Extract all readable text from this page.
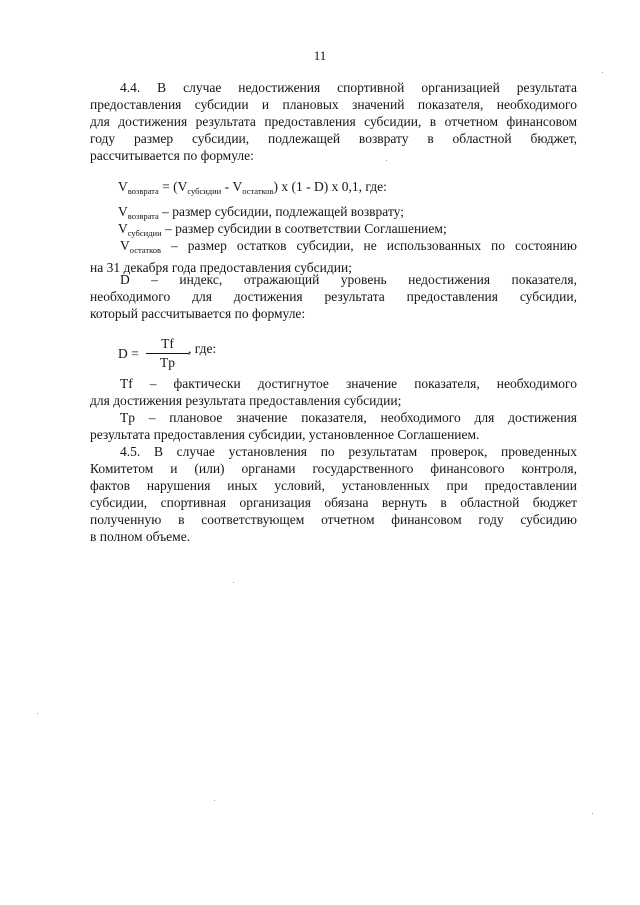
11
4.4. В случае недостижения спортивной организацией результата
предоставления субсидии и плановых значений показателя, необходимого
для достижения результата предоставления субсидии, в отчетном финансовом
году размер субсидии, подлежащей возврату в областной бюджет,
рассчитывается по формуле:
$V_{возврата} = (V_{субсидии} - V_{остатков})$ x (1 - D) x 0,1, где:
$V_{возврата}$ – размер субсидии, подлежащей возврату;
$V_{субсидии}$ – размер субсидии в соответствии Соглашением;
$V_{остатков}$ – размер остатков субсидии, не использованных по состоянию
на 31 декабря года предоставления субсидии;
D – индекс, отражающий уровень недостижения показателя,
необходимого для достижения результата предоставления субсидии,
который рассчитывается по формуле:
$D = \frac{Tf}{Tp}$ , где:
Tf – фактически достигнутое значение показателя, необходимого
для достижения результата предоставления субсидии;
Tp – плановое значение показателя, необходимого для достижения
результата предоставления субсидии, установленное Соглашением.
4.5. В случае установления по результатам проверок, проведенных
Комитетом и (или) органами государственного финансового контроля,
фактов нарушения иных условий, установленных при предоставлении
субсидии, спортивная организация обязана вернуть в областной бюджет
полученную в соответствующем отчетном финансовом году субсидию
в полном объеме.
